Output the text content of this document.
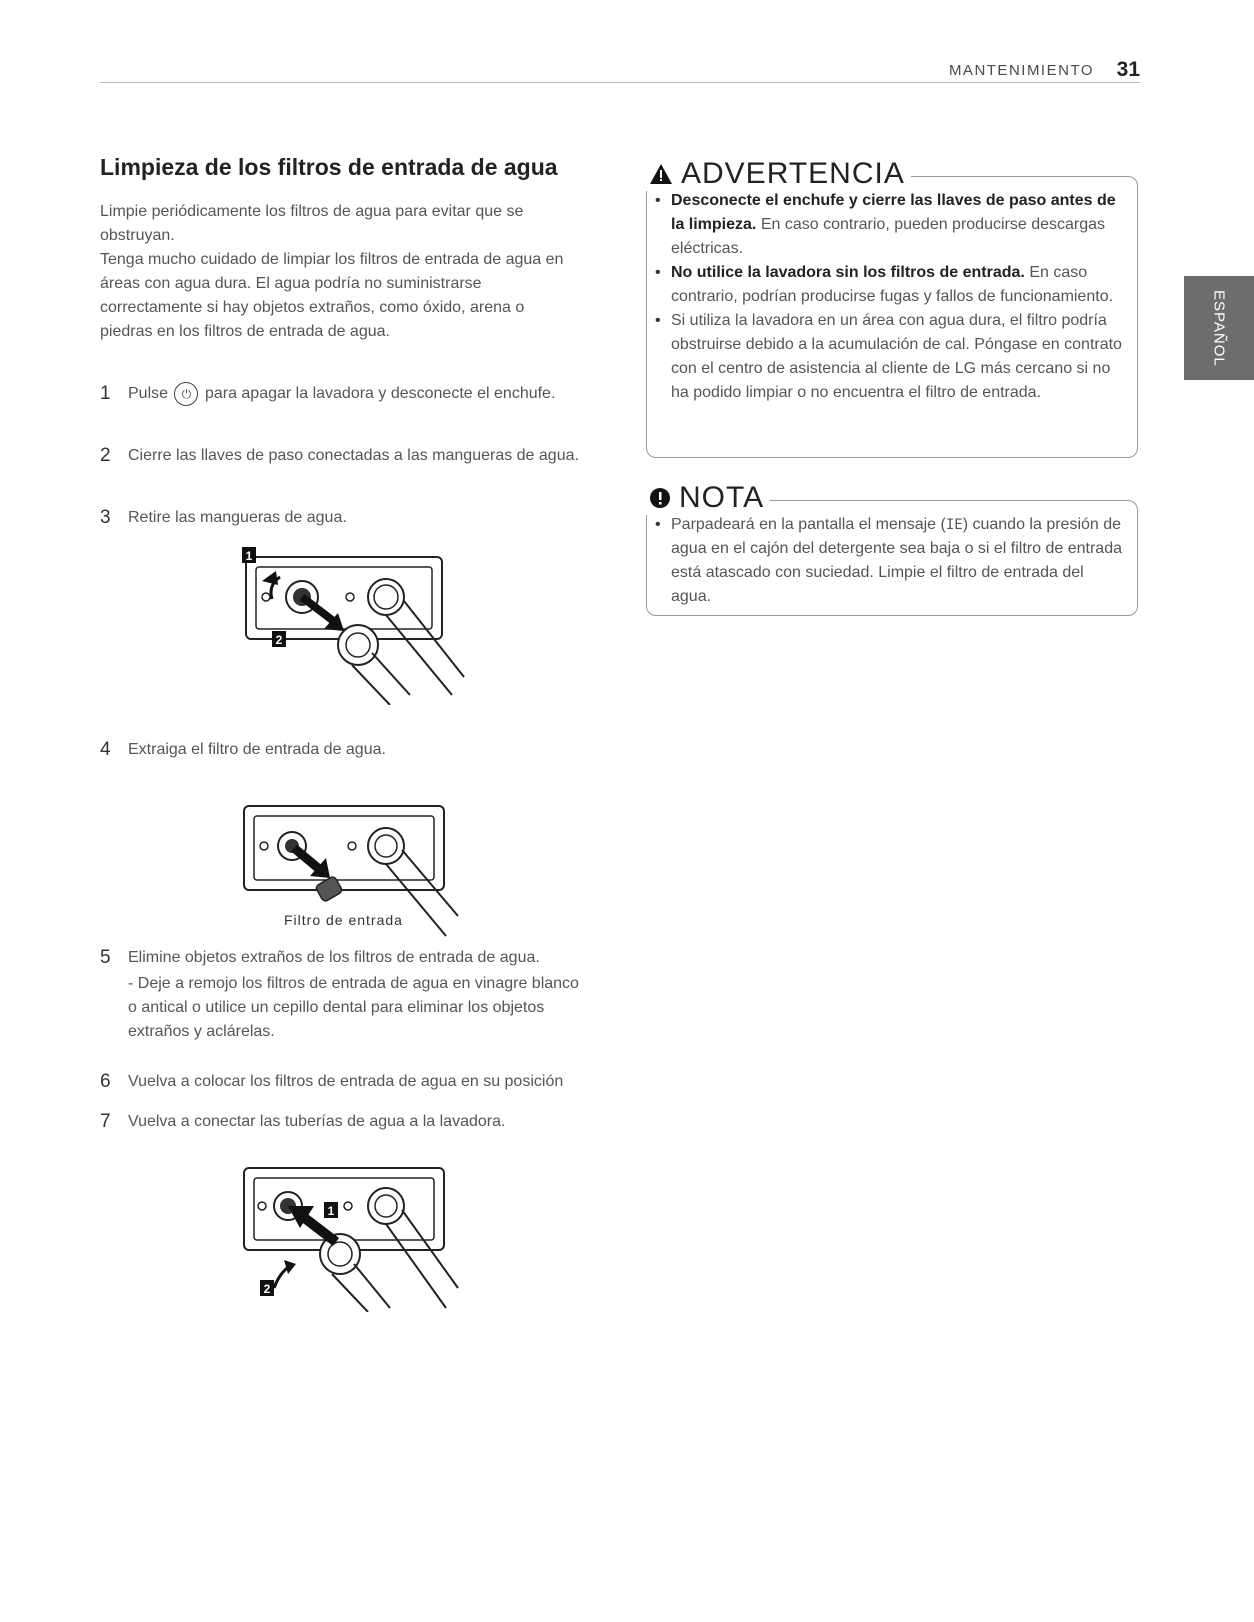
MANTENIMIENTO 31
ESPAÑOL
Limpieza de los filtros de entrada de agua

Limpie periódicamente los filtros de agua para evitar que se obstruyan.

Tenga mucho cuidado de limpiar los filtros de entrada de agua en áreas con agua dura. El agua podría no suministrarse correctamente si hay objetos extraños, como óxido, arena o piedras en los filtros de entrada de agua.

1	Pulse ⏻ para apagar la lavadora y desconecte el enchufe.
2	Cierre las llaves de paso conectadas a las mangueras de agua.
3	Retire las mangueras de agua.
1
2
4	Extraiga el filtro de entrada de agua.
Filtro de entrada
5	Elimine objetos extraños de los filtros de entrada de agua.
- Deje a remojo los filtros de entrada de agua en vinagre blanco o antical o utilice un cepillo dental para eliminar los objetos extraños y aclárelas.
6	Vuelva a colocar los filtros de entrada de agua en su posición
7	Vuelva a conectar las tuberías de agua a la lavadora.
1
2
ADVERTENCIA
• Desconecte el enchufe y cierre las llaves de paso antes de la limpieza. En caso contrario, pueden producirse descargas eléctricas.
• No utilice la lavadora sin los filtros de entrada. En caso contrario, podrían producirse fugas y fallos de funcionamiento.
• Si utiliza la lavadora en un área con agua dura, el filtro podría obstruirse debido a la acumulación de cal. Póngase en contrato con el centro de asistencia al cliente de LG más cercano si no ha podido limpiar o no encuentra el filtro de entrada.
NOTA
• Parpadeará en la pantalla el mensaje (IE) cuando la presión de agua en el cajón del detergente sea baja o si el filtro de entrada está atascado con suciedad. Limpie el filtro de entrada del agua.
